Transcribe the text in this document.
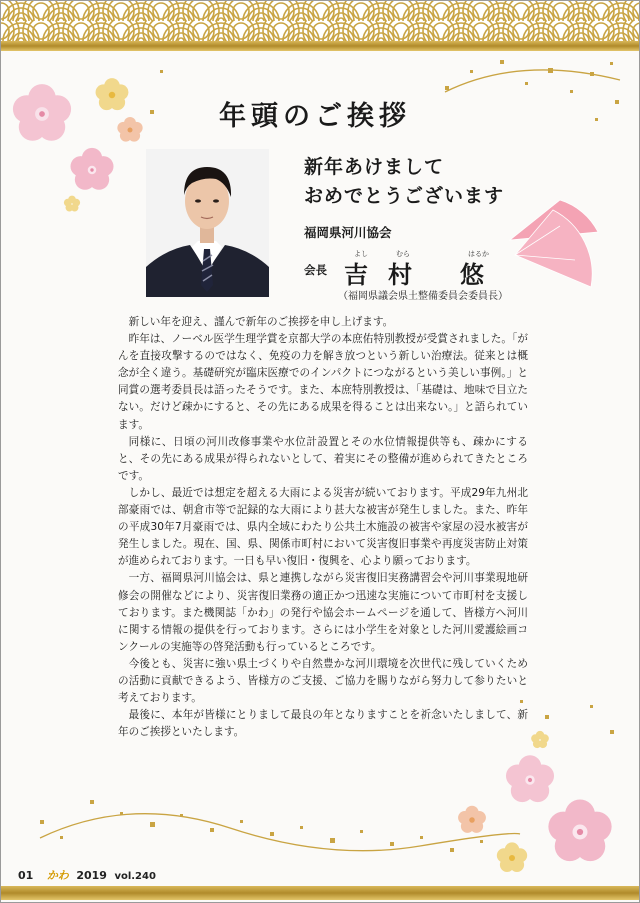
年頭のご挨拶
新年あけまして
おめでとうございます
福岡県河川協会
よし	むら	はるか
会長 吉 村 悠
（福岡県議会県土整備委員会委員長）

新しい年を迎え、謹んで新年のご挨拶を申し上げます。

昨年は、ノーベル医学生理学賞を京都大学の本庶佑特別教授が受賞されました。「がんを直接攻撃するのではなく、免疫の力を解き放つという新しい治療法。従来とは概念が全く違う。基礎研究が臨床医療でのインパクトにつながるという美しい事例。」と同賞の選考委員長は語ったそうです。また、本庶特別教授は、「基礎は、地味で目立たない。だけど疎かにすると、その先にある成果を得ることは出来ない。」と語られています。

同様に、日頃の河川改修事業や水位計設置とその水位情報提供等も、疎かにすると、その先にある成果が得られないとして、着実にその整備が進められてきたところです。

しかし、最近では想定を超える大雨による災害が続いております。平成29年九州北部豪雨では、朝倉市等で記録的な大雨により甚大な被害が発生しました。また、昨年の平成30年7月豪雨では、県内全域にわたり公共土木施設の被害や家屋の浸水被害が発生しました。現在、国、県、関係市町村において災害復旧事業や再度災害防止対策が進められております。一日も早い復旧・復興を、心より願っております。

一方、福岡県河川協会は、県と連携しながら災害復旧実務講習会や河川事業現地研修会の開催などにより、災害復旧業務の適正かつ迅速な実施について市町村を支援しております。また機関誌「かわ」の発行や協会ホームページを通して、皆様方へ河川に関する情報の提供を行っております。さらには小学生を対象とした河川愛護絵画コンクールの実施等の啓発活動も行っているところです。

今後とも、災害に強い県土づくりや自然豊かな河川環境を次世代に残していくための活動に貢献できるよう、皆様方のご支援、ご協力を賜りながら努力して参りたいと考えております。

最後に、本年が皆様にとりまして最良の年となりますことを祈念いたしまして、新年のご挨拶といたします。

01 かわ 2019 vol.240
